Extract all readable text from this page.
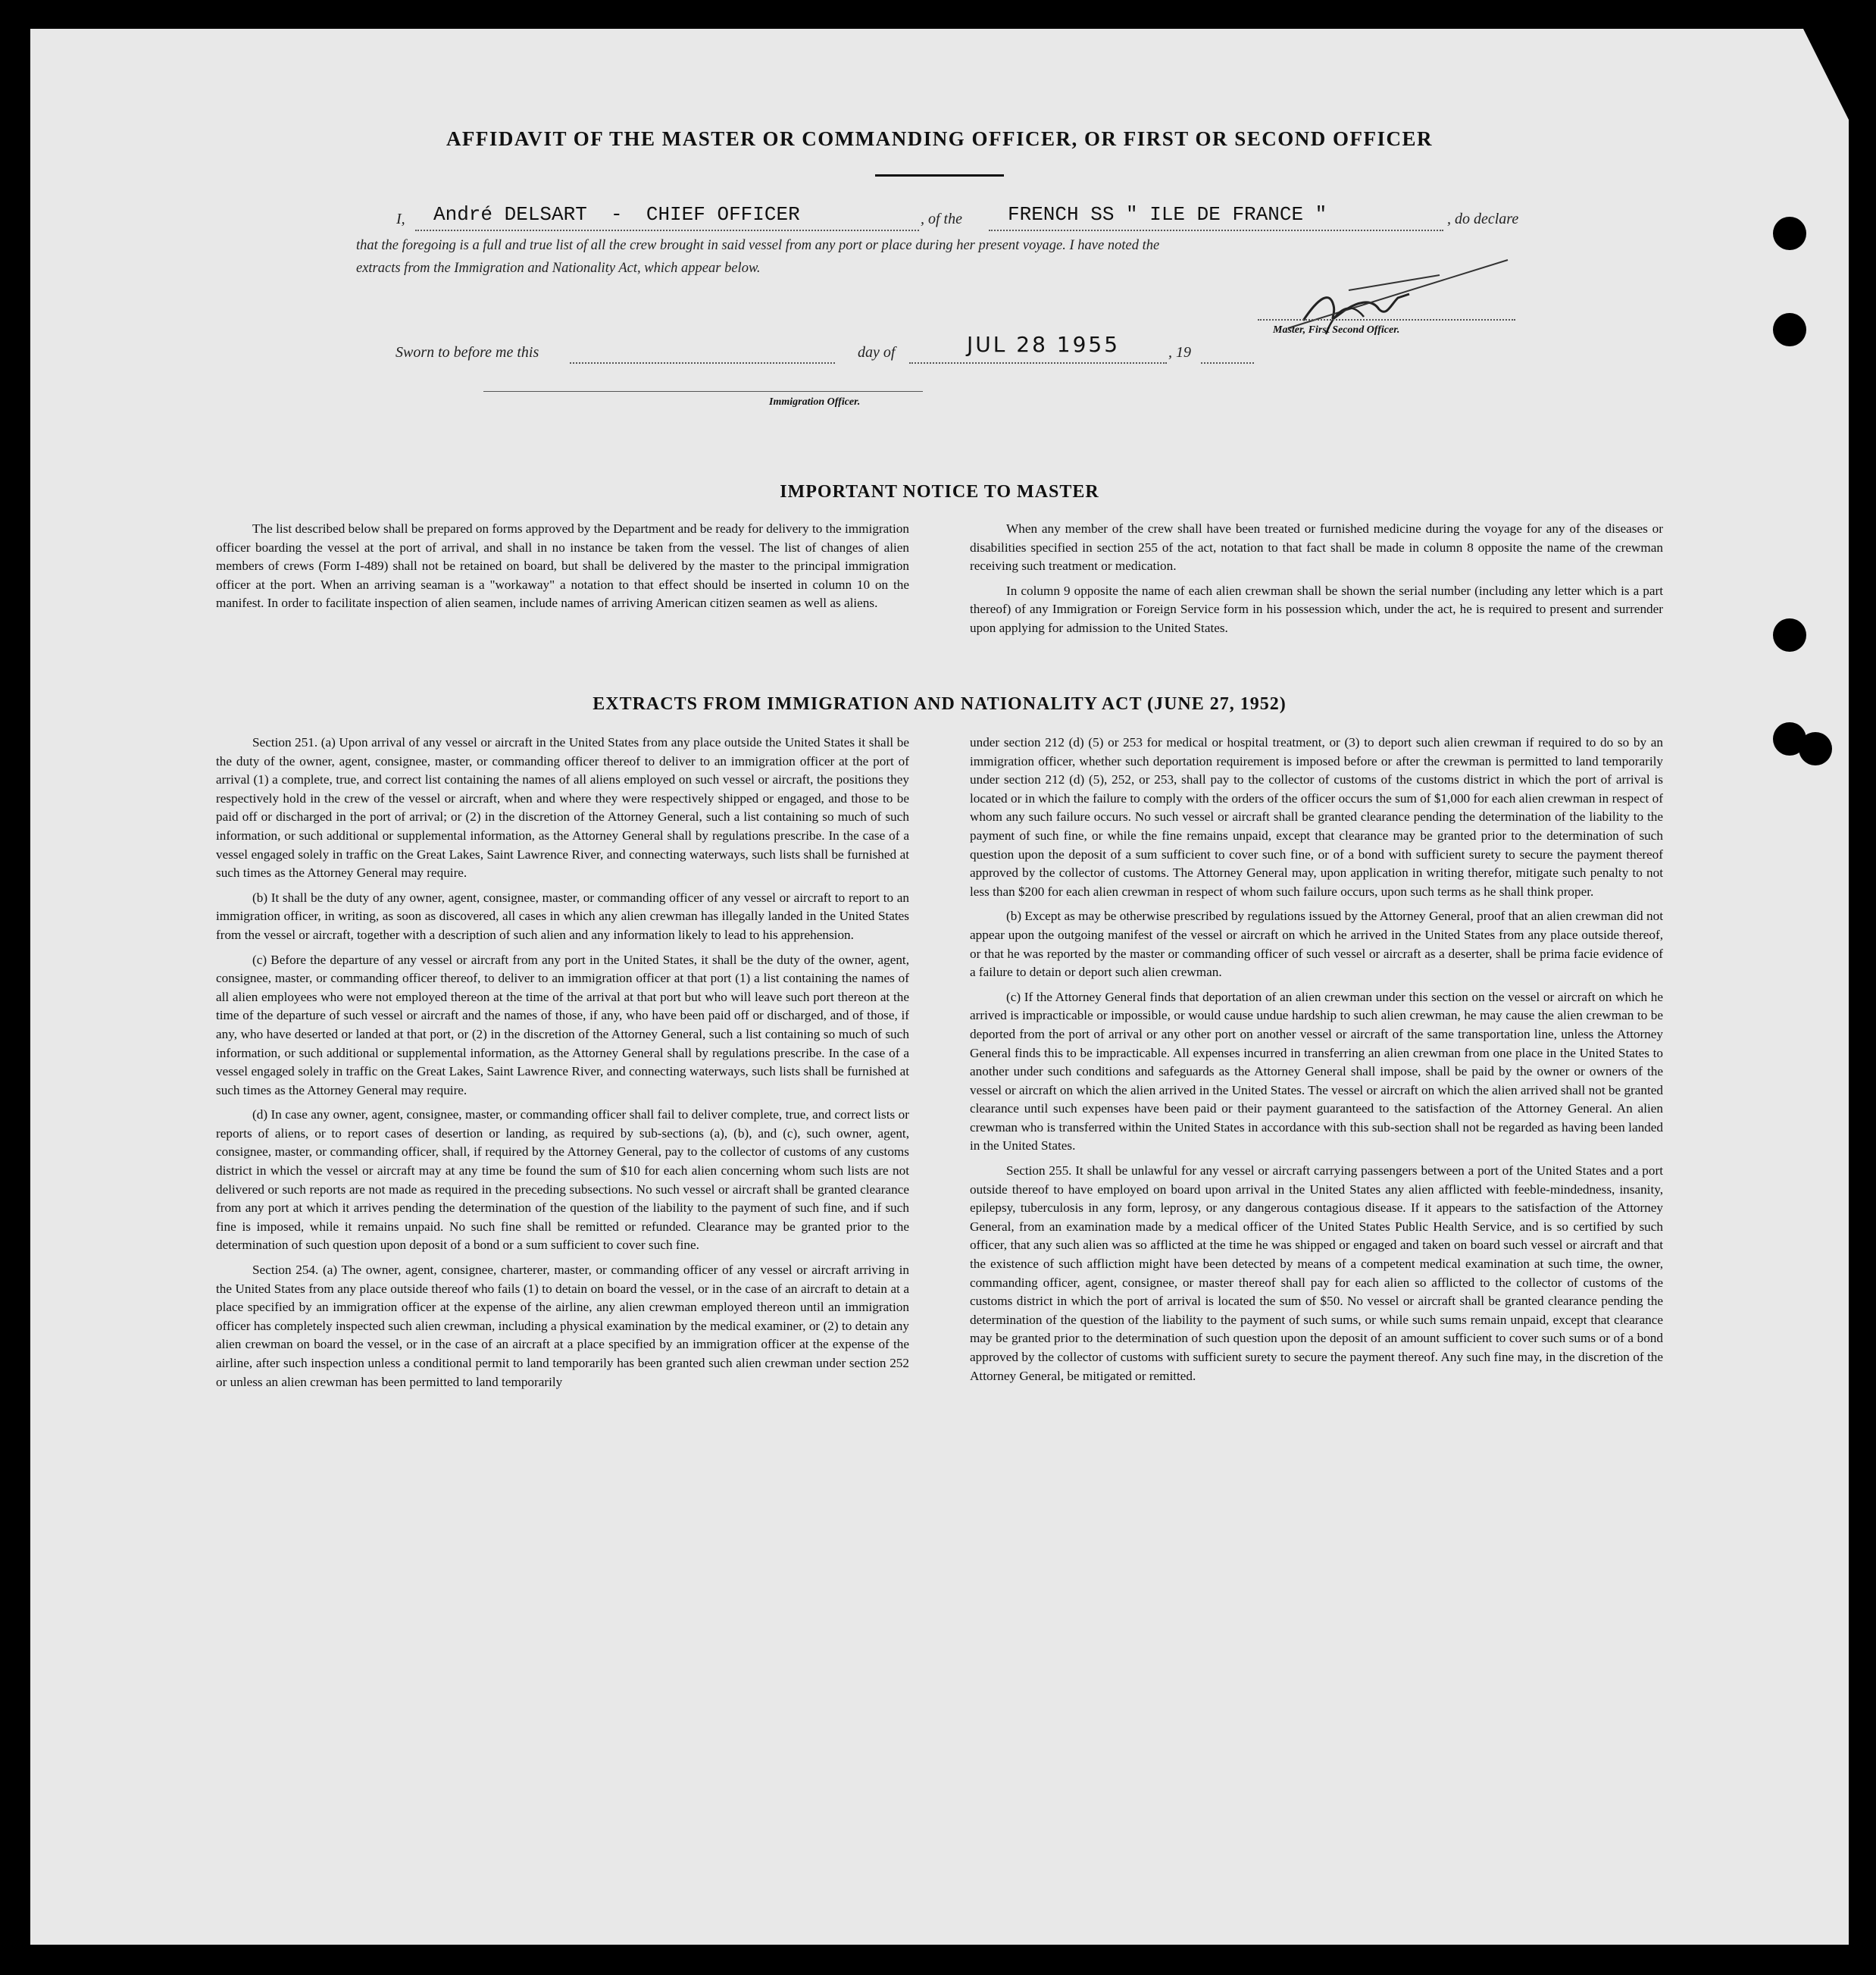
AFFIDAVIT OF THE MASTER OR COMMANDING OFFICER, OR FIRST OR SECOND OFFICER
I, André DELSART  -  CHIEF OFFICER	, of the FRENCH SS " ILE DE FRANCE "	, do declare
that the foregoing is a full and true list of all the crew brought in said vessel from any port or place during her present voyage. I have noted the
extracts from the Immigration and Nationality Act, which appear below.
Master, First Second Officer.
Sworn to before me this	day of	JUL 28 1955	, 19
Immigration Officer.
IMPORTANT NOTICE TO MASTER

The list described below shall be prepared on forms approved by the Department and be ready for delivery to the immigration officer boarding the vessel at the port of arrival, and shall in no instance be taken from the vessel. The list of changes of alien members of crews (Form I-489) shall not be retained on board, but shall be delivered by the master to the principal immigration officer at the port. When an arriving seaman is a "workaway" a notation to that effect should be inserted in column 10 on the manifest. In order to facilitate inspection of alien seamen, include names of arriving American citizen seamen as well as aliens.

When any member of the crew shall have been treated or furnished medicine during the voyage for any of the diseases or disabilities specified in section 255 of the act, notation to that fact shall be made in column 8 opposite the name of the crewman receiving such treatment or medication.

In column 9 opposite the name of each alien crewman shall be shown the serial number (including any letter which is a part thereof) of any Immigration or Foreign Service form in his possession which, under the act, he is required to present and surrender upon applying for admission to the United States.

EXTRACTS FROM IMMIGRATION AND NATIONALITY ACT (JUNE 27, 1952)

Section 251. (a) Upon arrival of any vessel or aircraft in the United States from any place outside the United States it shall be the duty of the owner, agent, consignee, master, or commanding officer thereof to deliver to an immigration officer at the port of arrival (1) a complete, true, and correct list containing the names of all aliens employed on such vessel or aircraft, the positions they respectively hold in the crew of the vessel or aircraft, when and where they were respectively shipped or engaged, and those to be paid off or discharged in the port of arrival; or (2) in the discretion of the Attorney General, such a list containing so much of such information, or such additional or supplemental information, as the Attorney General shall by regulations prescribe. In the case of a vessel engaged solely in traffic on the Great Lakes, Saint Lawrence River, and connecting waterways, such lists shall be furnished at such times as the Attorney General may require.

(b) It shall be the duty of any owner, agent, consignee, master, or commanding officer of any vessel or aircraft to report to an immigration officer, in writing, as soon as discovered, all cases in which any alien crewman has illegally landed in the United States from the vessel or aircraft, together with a description of such alien and any information likely to lead to his apprehension.

(c) Before the departure of any vessel or aircraft from any port in the United States, it shall be the duty of the owner, agent, consignee, master, or commanding officer thereof, to deliver to an immigration officer at that port (1) a list containing the names of all alien employees who were not employed thereon at the time of the arrival at that port but who will leave such port thereon at the time of the departure of such vessel or aircraft and the names of those, if any, who have been paid off or discharged, and of those, if any, who have deserted or landed at that port, or (2) in the discretion of the Attorney General, such a list containing so much of such information, or such additional or supplemental information, as the Attorney General shall by regulations prescribe. In the case of a vessel engaged solely in traffic on the Great Lakes, Saint Lawrence River, and connecting waterways, such lists shall be furnished at such times as the Attorney General may require.

(d) In case any owner, agent, consignee, master, or commanding officer shall fail to deliver complete, true, and correct lists or reports of aliens, or to report cases of desertion or landing, as required by sub-sections (a), (b), and (c), such owner, agent, consignee, master, or commanding officer, shall, if required by the Attorney General, pay to the collector of customs of any customs district in which the vessel or aircraft may at any time be found the sum of $10 for each alien concerning whom such lists are not delivered or such reports are not made as required in the preceding subsections. No such vessel or aircraft shall be granted clearance from any port at which it arrives pending the determination of the question of the liability to the payment of such fine, and if such fine is imposed, while it remains unpaid. No such fine shall be remitted or refunded. Clearance may be granted prior to the determination of such question upon deposit of a bond or a sum sufficient to cover such fine.

Section 254. (a) The owner, agent, consignee, charterer, master, or commanding officer of any vessel or aircraft arriving in the United States from any place outside thereof who fails (1) to detain on board the vessel, or in the case of an aircraft to detain at a place specified by an immigration officer at the expense of the airline, any alien crewman employed thereon until an immigration officer has completely inspected such alien crewman, including a physical examination by the medical examiner, or (2) to detain any alien crewman on board the vessel, or in the case of an aircraft at a place specified by an immigration officer at the expense of the airline, after such inspection unless a conditional permit to land temporarily has been granted such alien crewman under section 252 or unless an alien crewman has been permitted to land temporarily

under section 212 (d) (5) or 253 for medical or hospital treatment, or (3) to deport such alien crewman if required to do so by an immigration officer, whether such deportation requirement is imposed before or after the crewman is permitted to land temporarily under section 212 (d) (5), 252, or 253, shall pay to the collector of customs of the customs district in which the port of arrival is located or in which the failure to comply with the orders of the officer occurs the sum of $1,000 for each alien crewman in respect of whom any such failure occurs. No such vessel or aircraft shall be granted clearance pending the determination of the liability to the payment of such fine, or while the fine remains unpaid, except that clearance may be granted prior to the determination of such question upon the deposit of a sum sufficient to cover such fine, or of a bond with sufficient surety to secure the payment thereof approved by the collector of customs. The Attorney General may, upon application in writing therefor, mitigate such penalty to not less than $200 for each alien crewman in respect of whom such failure occurs, upon such terms as he shall think proper.

(b) Except as may be otherwise prescribed by regulations issued by the Attorney General, proof that an alien crewman did not appear upon the outgoing manifest of the vessel or aircraft on which he arrived in the United States from any place outside thereof, or that he was reported by the master or commanding officer of such vessel or aircraft as a deserter, shall be prima facie evidence of a failure to detain or deport such alien crewman.

(c) If the Attorney General finds that deportation of an alien crewman under this section on the vessel or aircraft on which he arrived is impracticable or impossible, or would cause undue hardship to such alien crewman, he may cause the alien crewman to be deported from the port of arrival or any other port on another vessel or aircraft of the same transportation line, unless the Attorney General finds this to be impracticable. All expenses incurred in transferring an alien crewman from one place in the United States to another under such conditions and safeguards as the Attorney General shall impose, shall be paid by the owner or owners of the vessel or aircraft on which the alien arrived in the United States. The vessel or aircraft on which the alien arrived shall not be granted clearance until such expenses have been paid or their payment guaranteed to the satisfaction of the Attorney General. An alien crewman who is transferred within the United States in accordance with this sub-section shall not be regarded as having been landed in the United States.

Section 255. It shall be unlawful for any vessel or aircraft carrying passengers between a port of the United States and a port outside thereof to have employed on board upon arrival in the United States any alien afflicted with feeble-mindedness, insanity, epilepsy, tuberculosis in any form, leprosy, or any dangerous contagious disease. If it appears to the satisfaction of the Attorney General, from an examination made by a medical officer of the United States Public Health Service, and is so certified by such officer, that any such alien was so afflicted at the time he was shipped or engaged and taken on board such vessel or aircraft and that the existence of such affliction might have been detected by means of a competent medical examination at such time, the owner, commanding officer, agent, consignee, or master thereof shall pay for each alien so afflicted to the collector of customs of the customs district in which the port of arrival is located the sum of $50. No vessel or aircraft shall be granted clearance pending the determination of the question of the liability to the payment of such sums, or while such sums remain unpaid, except that clearance may be granted prior to the determination of such question upon the deposit of an amount sufficient to cover such sums or of a bond approved by the collector of customs with sufficient surety to secure the payment thereof. Any such fine may, in the discretion of the Attorney General, be mitigated or remitted.
